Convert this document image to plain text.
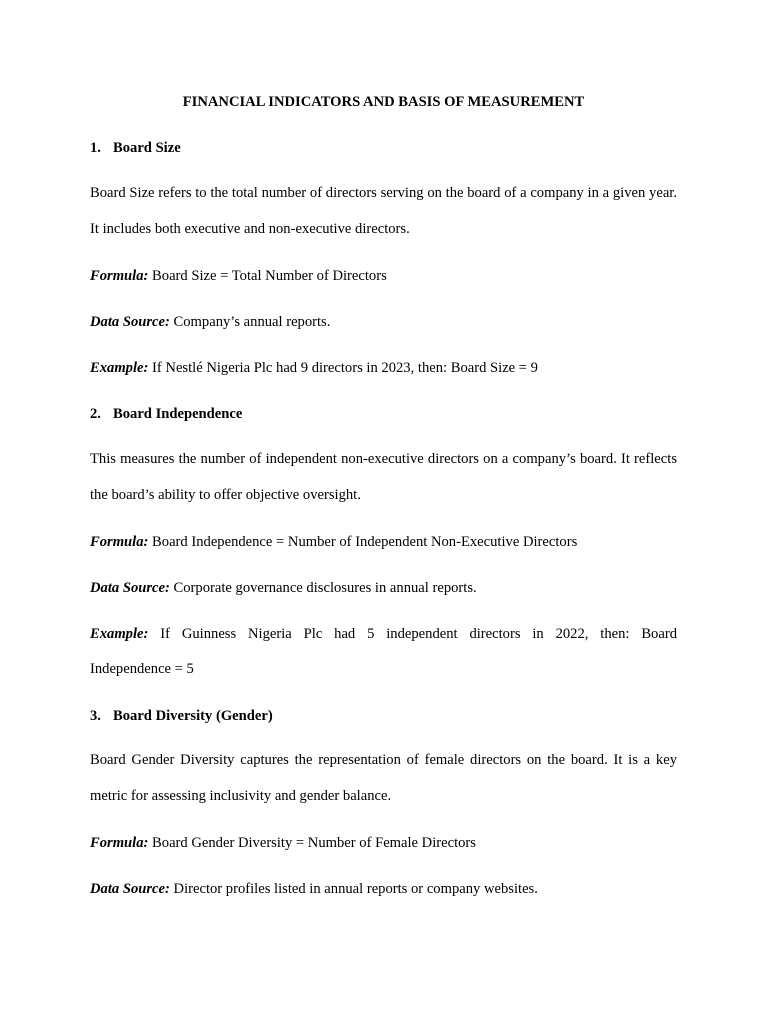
FINANCIAL INDICATORS AND BASIS OF MEASUREMENT
1. Board Size
Board Size refers to the total number of directors serving on the board of a company in a given year. It includes both executive and non-executive directors.
Formula: Board Size = Total Number of Directors
Data Source: Company’s annual reports.
Example: If Nestlé Nigeria Plc had 9 directors in 2023, then: Board Size = 9
2. Board Independence
This measures the number of independent non-executive directors on a company’s board. It reflects the board’s ability to offer objective oversight.
Formula: Board Independence = Number of Independent Non-Executive Directors
Data Source: Corporate governance disclosures in annual reports.
Example: If Guinness Nigeria Plc had 5 independent directors in 2022, then: Board
Independence = 5
3. Board Diversity (Gender)
Board Gender Diversity captures the representation of female directors on the board. It is a key metric for assessing inclusivity and gender balance.
Formula: Board Gender Diversity = Number of Female Directors
Data Source: Director profiles listed in annual reports or company websites.
